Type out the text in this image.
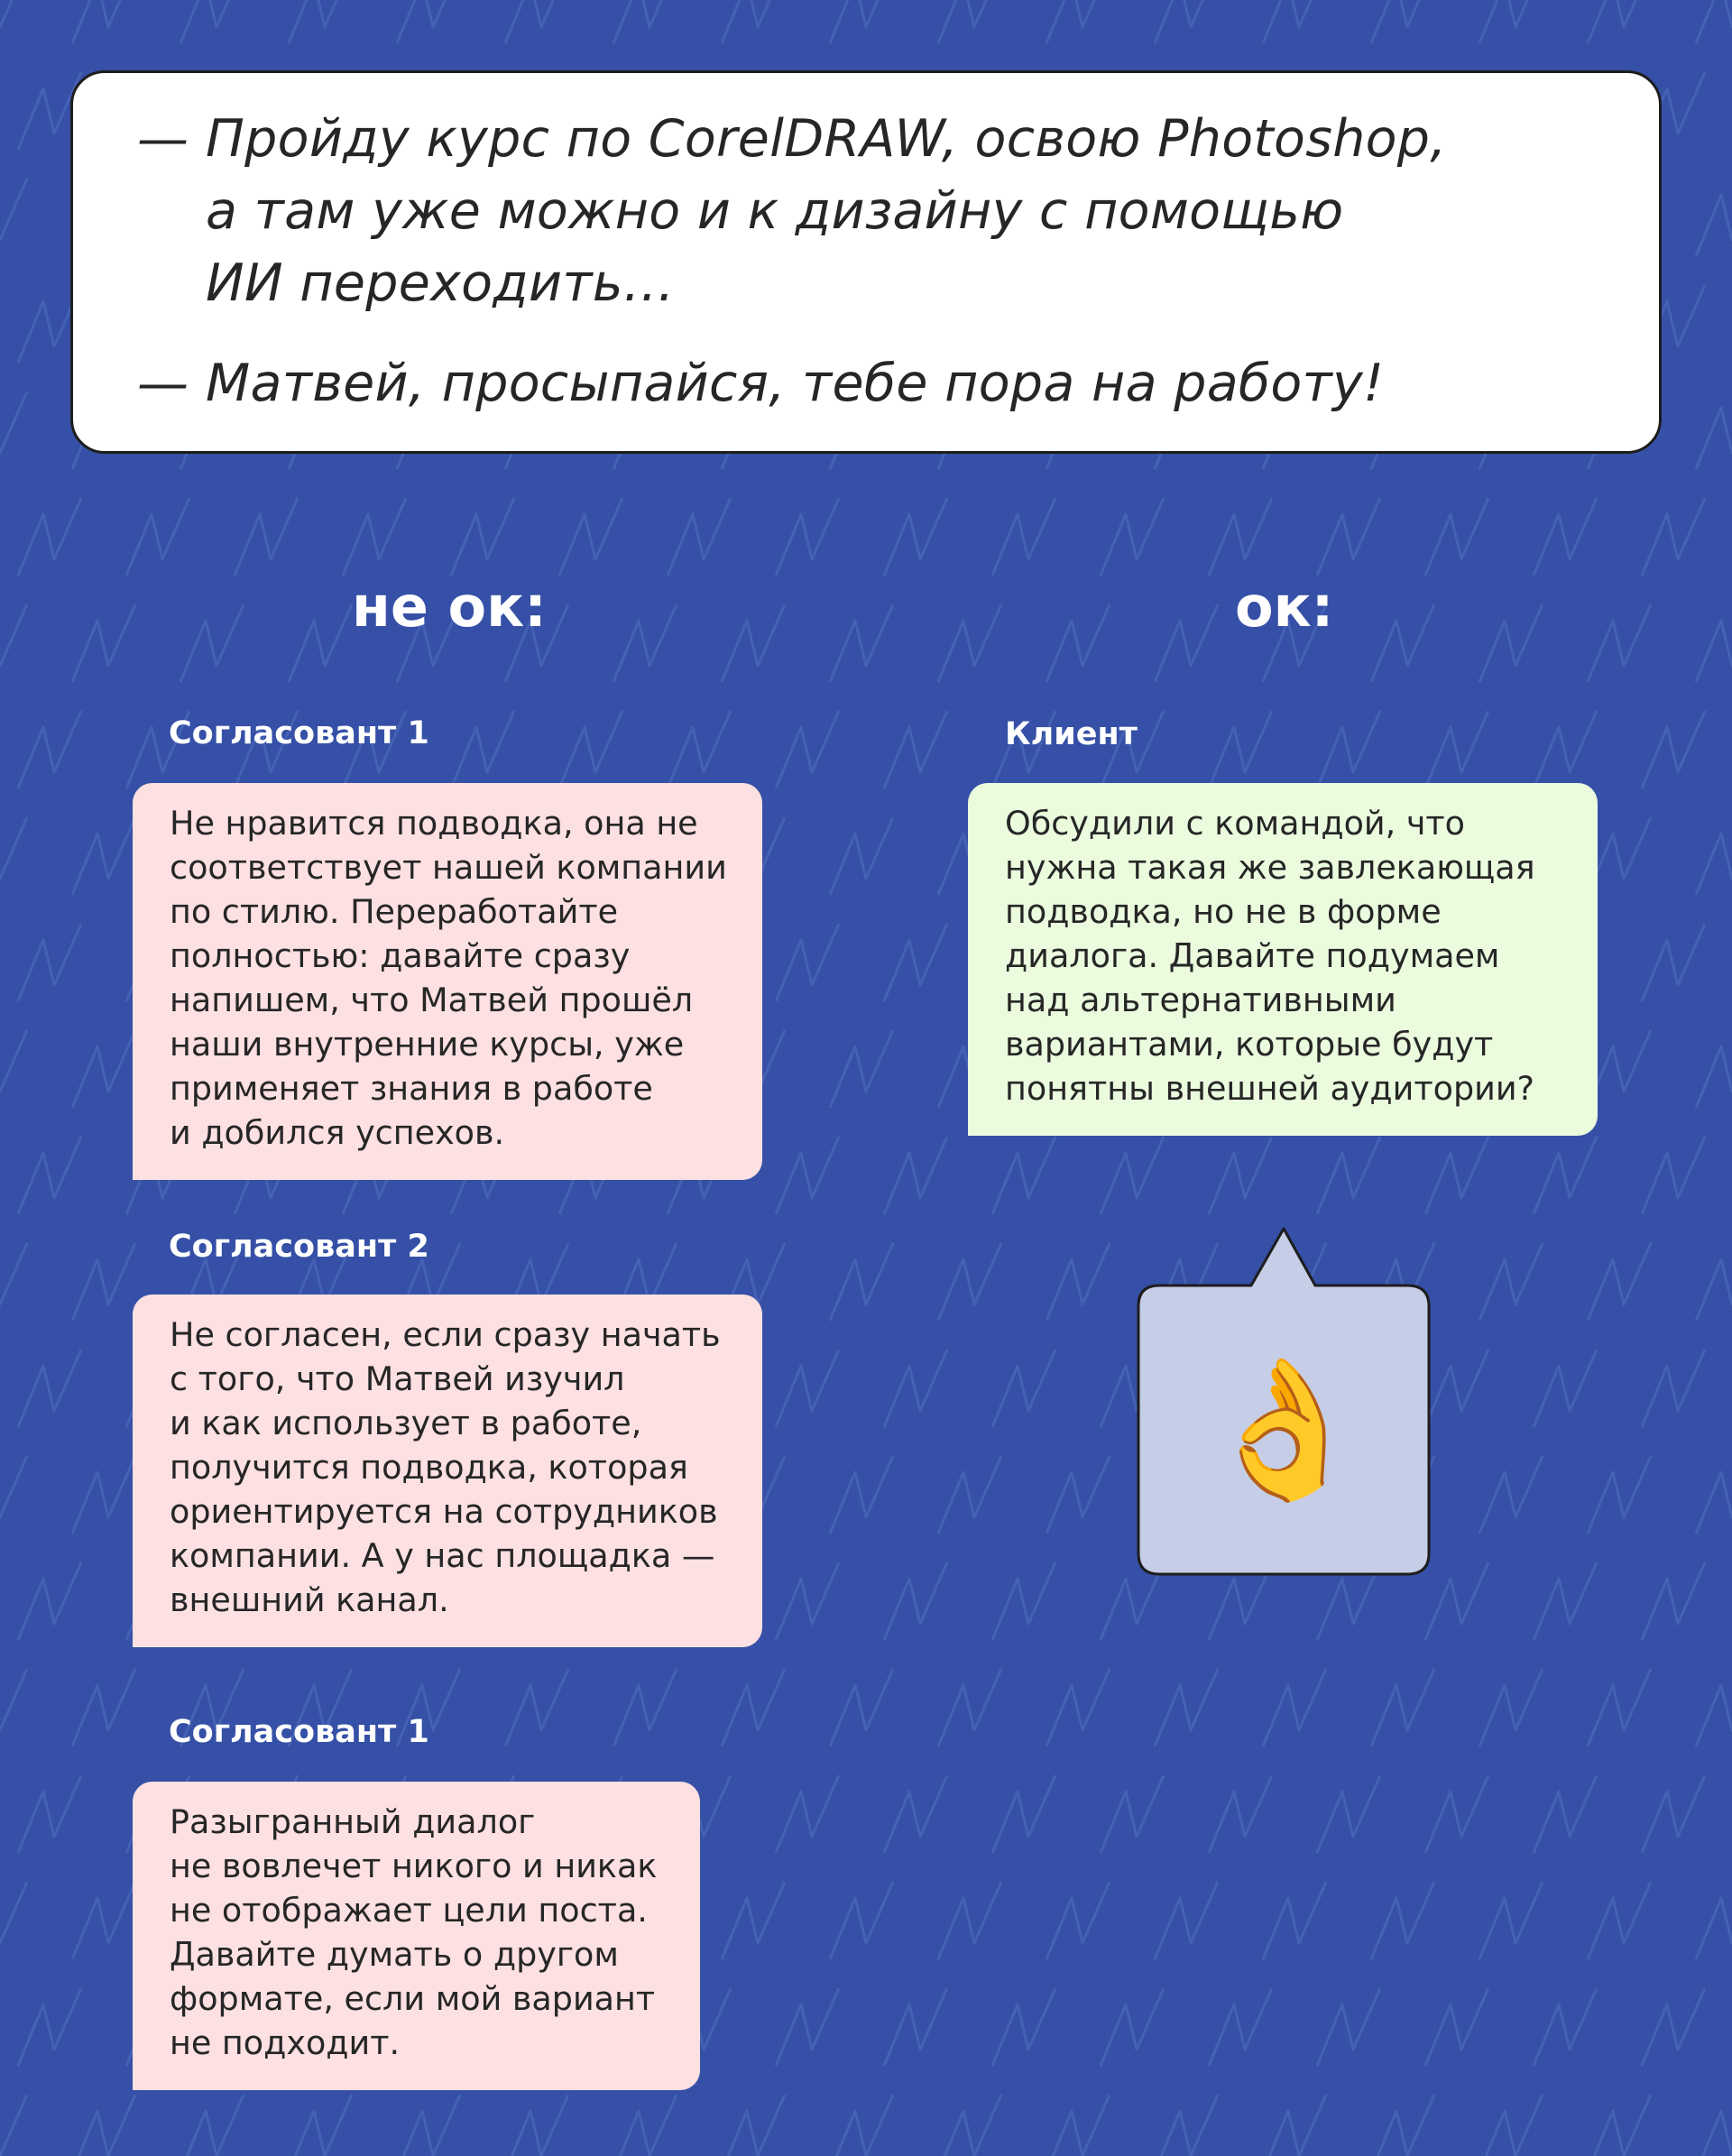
— Пройду курс по CorelDRAW, освою Photoshop,

а там уже можно и к дизайну с помощью

ИИ переходить…

— Матвей, просыпайся, тебе пора на работу!

не ок:	ок:
Согласовант 1
Не нравится подводка, она не
соответствует нашей компании
по стилю. Переработайте
полностью: давайте сразу
напишем, что Матвей прошёл
наши внутренние курсы, уже
применяет знания в работе
и добился успехов.
Согласовант 2
Не согласен, если сразу начать
с того, что Матвей изучил
и как использует в работе,
получится подводка, которая
ориентируется на сотрудников
компании. А у нас площадка —
внешний канал.
Согласовант 1
Разыгранный диалог
не вовлечет никого и никак
не отображает цели поста.
Давайте думать о другом
формате, если мой вариант
не подходит.
Клиент
Обсудили с командой, что
нужна такая же завлекающая
подводка, но не в форме
диалога. Давайте подумаем
над альтернативными
вариантами, которые будут
понятны внешней аудитории?
👌
